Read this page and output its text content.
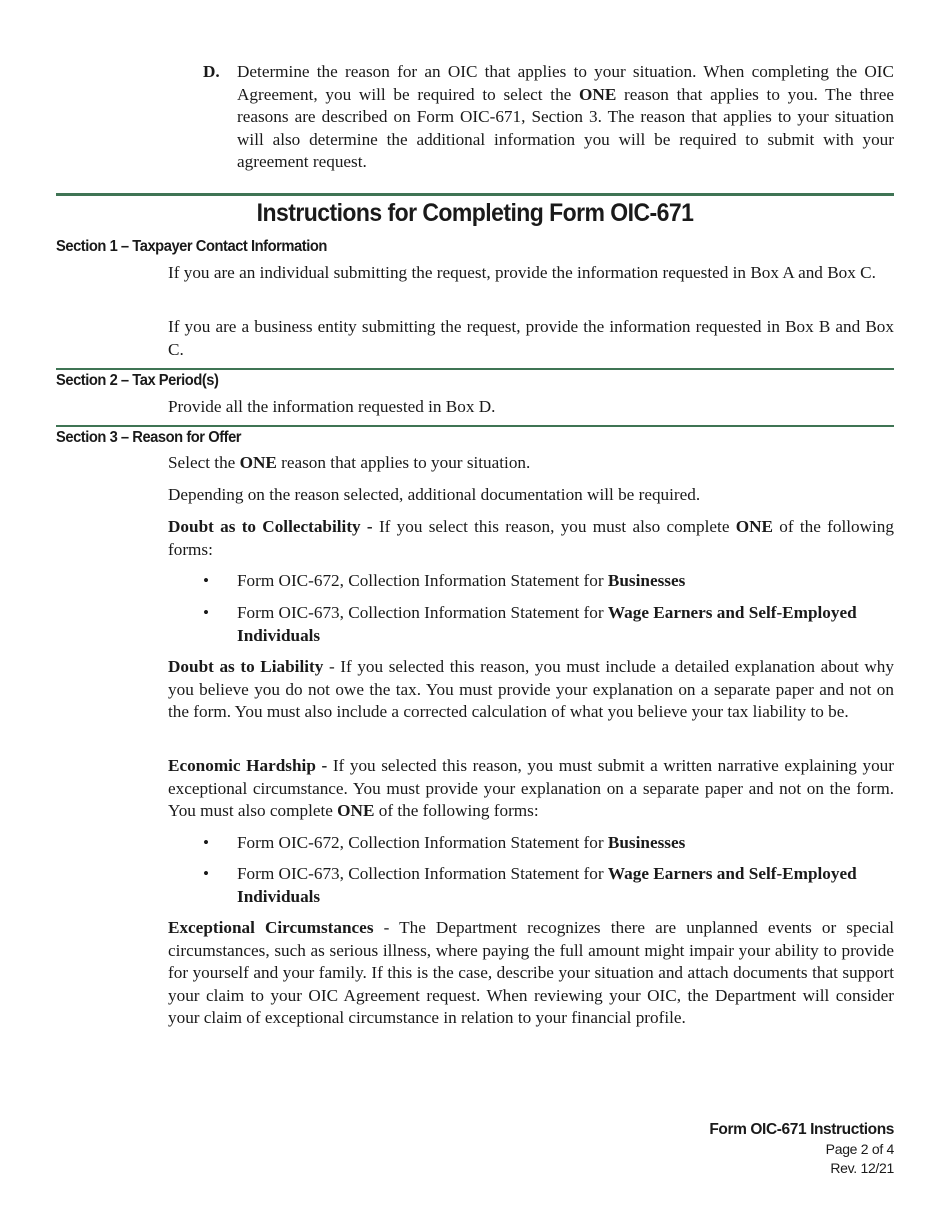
D. Determine the reason for an OIC that applies to your situation. When completing the OIC Agreement, you will be required to select the ONE reason that applies to you. The three reasons are described on Form OIC-671, Section 3. The reason that applies to your situation will also determine the additional information you will be required to submit with your agreement request.
Instructions for Completing Form OIC-671
Section 1 – Taxpayer Contact Information

If you are an individual submitting the request, provide the information requested in Box A and Box C.

If you are a business entity submitting the request, provide the information requested in Box B and Box C.

Section 2 – Tax Period(s)

Provide all the information requested in Box D.

Section 3 – Reason for Offer

Select the ONE reason that applies to your situation.

Depending on the reason selected, additional documentation will be required.

Doubt as to Collectability - If you select this reason, you must also complete ONE of the following forms:

• Form OIC-672, Collection Information Statement for Businesses
• Form OIC-673, Collection Information Statement for Wage Earners and Self-Employed Individuals

Doubt as to Liability - If you selected this reason, you must include a detailed explanation about why you believe you do not owe the tax. You must provide your explanation on a separate paper and not on the form. You must also include a corrected calculation of what you believe your tax liability to be.

Economic Hardship - If you selected this reason, you must submit a written narrative explaining your exceptional circumstance. You must provide your explanation on a separate paper and not on the form. You must also complete ONE of the following forms:

• Form OIC-672, Collection Information Statement for Businesses
• Form OIC-673, Collection Information Statement for Wage Earners and Self-Employed Individuals

Exceptional Circumstances - The Department recognizes there are unplanned events or special circumstances, such as serious illness, where paying the full amount might impair your ability to provide for yourself and your family. If this is the case, describe your situation and attach documents that support your claim to your OIC Agreement request. When reviewing your OIC, the Department will consider your claim of exceptional circumstance in relation to your financial profile.

Form OIC-671 Instructions
Page 2 of 4
Rev. 12/21
